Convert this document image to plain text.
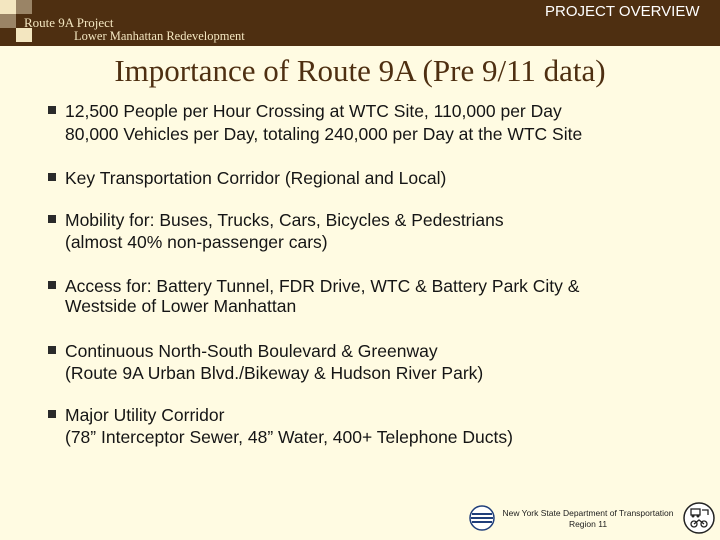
Route 9A Project
Lower Manhattan Redevelopment
PROJECT OVERVIEW
Importance of Route 9A (Pre 9/11 data)
12,500 People per Hour Crossing at WTC Site, 110,000 per Day
80,000 Vehicles per Day, totaling 240,000 per Day at the WTC Site
Key Transportation Corridor (Regional and Local)
Mobility for: Buses, Trucks, Cars, Bicycles & Pedestrians
(almost 40% non-passenger cars)
Access for: Battery Tunnel, FDR Drive, WTC & Battery Park City &
Westside of Lower Manhattan
Continuous North-South Boulevard & Greenway
(Route 9A Urban Blvd./Bikeway & Hudson River Park)
Major Utility Corridor
(78” Interceptor Sewer, 48” Water, 400+ Telephone Ducts)
New York State Department of Transportation
Region 11
